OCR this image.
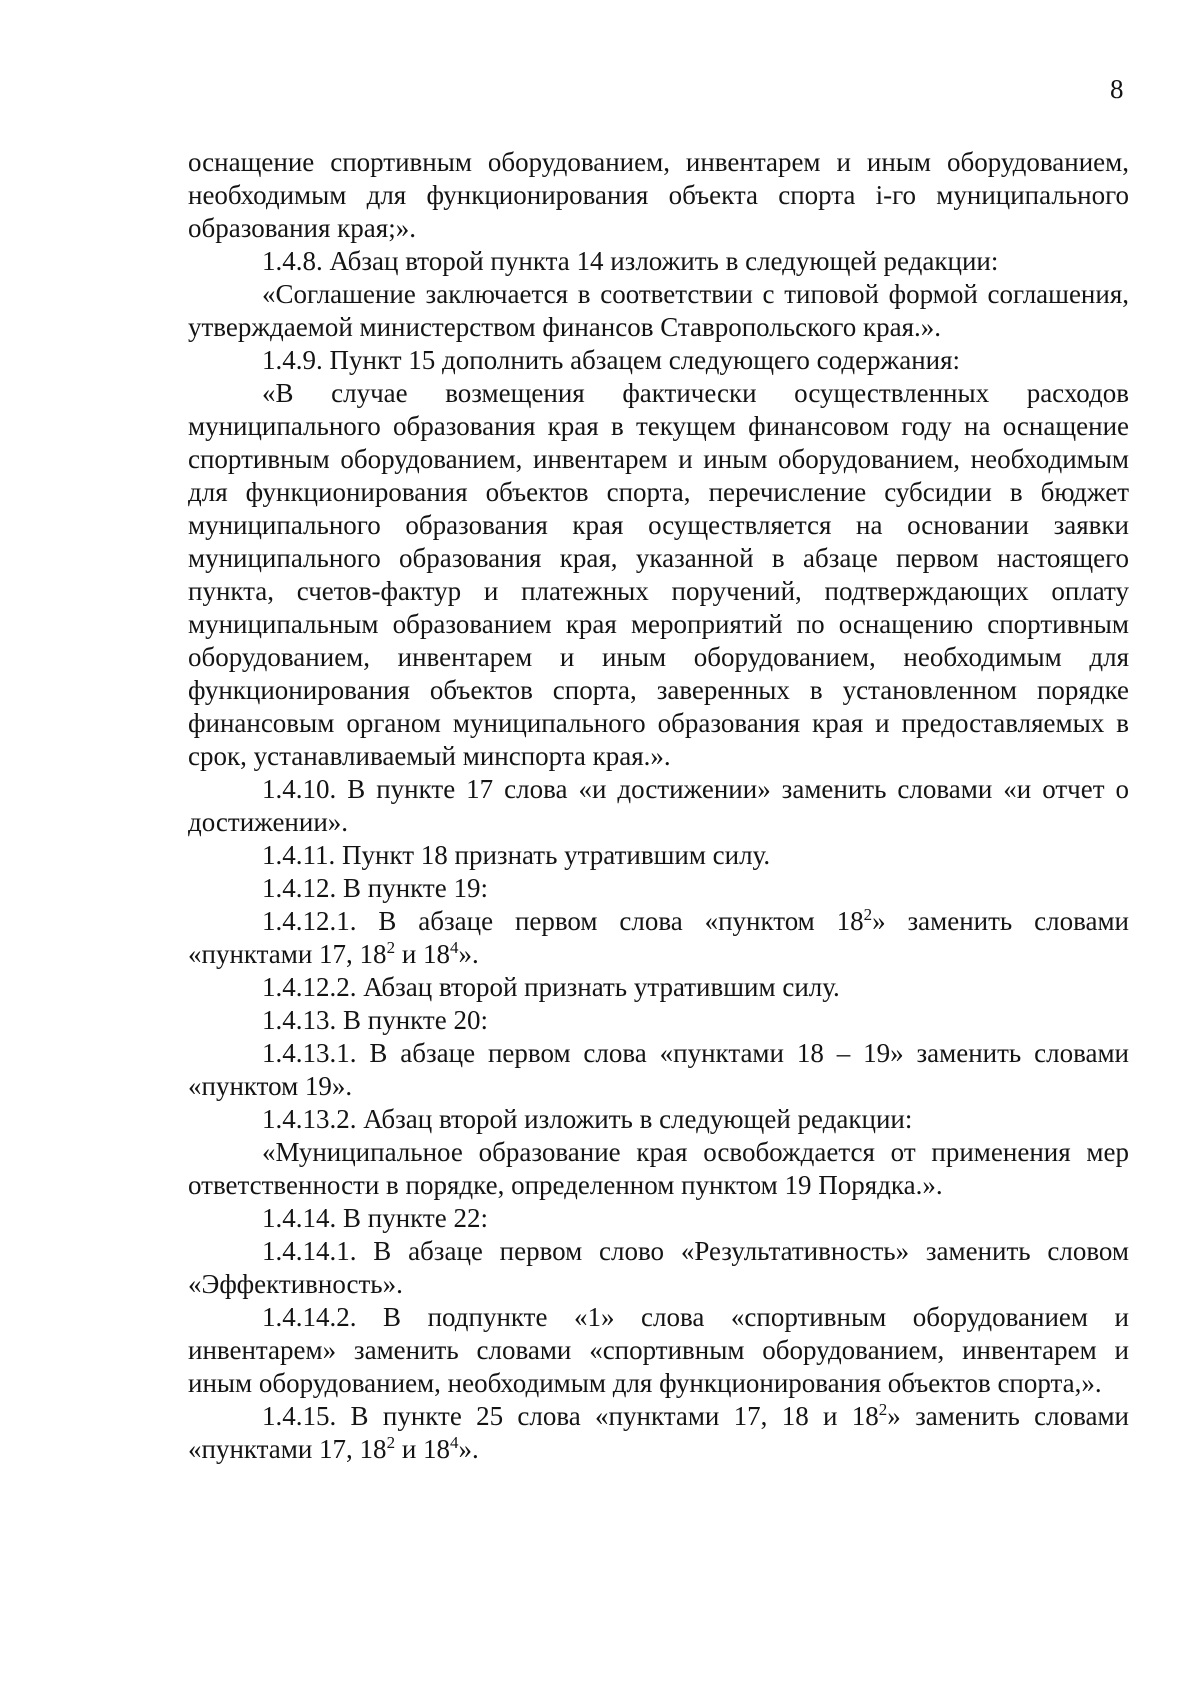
8

оснащение спортивным оборудованием, инвентарем и иным оборудованием, необходимым для функционирования объекта спорта i-го муниципального образования края;».

1.4.8. Абзац второй пункта 14 изложить в следующей редакции:

«Соглашение заключается в соответствии с типовой формой соглашения, утверждаемой министерством финансов Ставропольского края.».

1.4.9. Пункт 15 дополнить абзацем следующего содержания:

«В случае возмещения фактически осуществленных расходов муниципального образования края в текущем финансовом году на оснащение спортивным оборудованием, инвентарем и иным оборудованием, необходимым для функционирования объектов спорта, перечисление субсидии в бюджет муниципального образования края осуществляется на основании заявки муниципального образования края, указанной в абзаце первом настоящего пункта, счетов-фактур и платежных поручений, подтверждающих оплату муниципальным образованием края мероприятий по оснащению спортивным оборудованием, инвентарем и иным оборудованием, необходимым для функционирования объектов спорта, заверенных в установленном порядке финансовым органом муниципального образования края и предоставляемых в срок, устанавливаемый минспорта края.».

1.4.10. В пункте 17 слова «и достижении» заменить словами «и отчет о достижении».

1.4.11. Пункт 18 признать утратившим силу.

1.4.12. В пункте 19:

1.4.12.1. В абзаце первом слова «пунктом $18^2$» заменить словами «пунктами 17, $18^2$ и $18^4$».

1.4.12.2. Абзац второй признать утратившим силу.

1.4.13. В пункте 20:

1.4.13.1. В абзаце первом слова «пунктами 18 – 19» заменить словами «пунктом 19».

1.4.13.2. Абзац второй изложить в следующей редакции:

«Муниципальное образование края освобождается от применения мер ответственности в порядке, определенном пунктом 19 Порядка.».

1.4.14. В пункте 22:

1.4.14.1. В абзаце первом слово «Результативность» заменить словом «Эффективность».

1.4.14.2. В подпункте «1» слова «спортивным оборудованием и инвентарем» заменить словами «спортивным оборудованием, инвентарем и иным оборудованием, необходимым для функционирования объектов спорта,».

1.4.15. В пункте 25 слова «пунктами 17, 18 и $18^2$» заменить словами «пунктами 17, $18^2$ и $18^4$».
